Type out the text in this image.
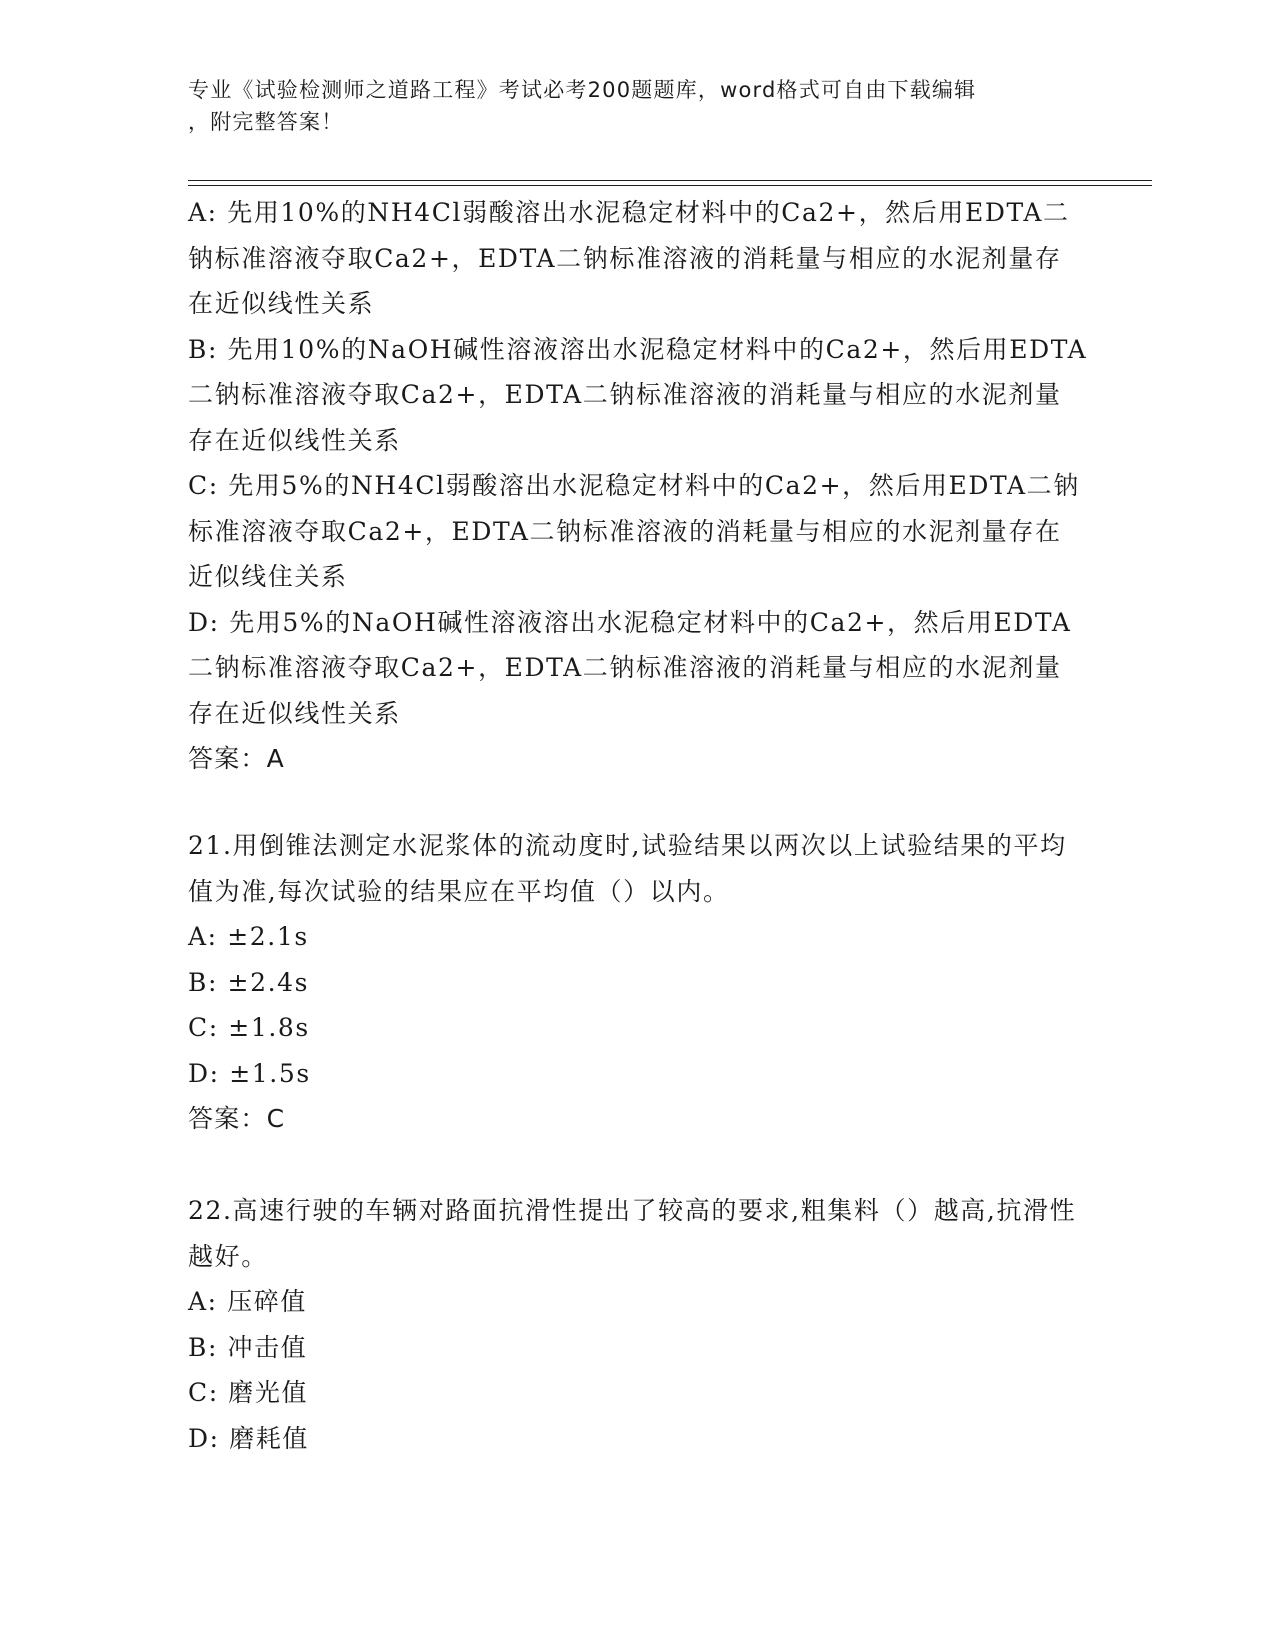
专业《试验检测师之道路工程》考试必考200题题库，word格式可自由下载编辑
，附完整答案！

A: 先用10%的NH4Cl弱酸溶出水泥稳定材料中的Ca2+，然后用EDTA二钠标准溶液夺取Ca2+，EDTA二钠标准溶液的消耗量与相应的水泥剂量存在近似线性关系

B: 先用10%的NaOH碱性溶液溶出水泥稳定材料中的Ca2+，然后用EDTA二钠标准溶液夺取Ca2+，EDTA二钠标准溶液的消耗量与相应的水泥剂量存在近似线性关系

C: 先用5%的NH4Cl弱酸溶出水泥稳定材料中的Ca2+，然后用EDTA二钠标准溶液夺取Ca2+，EDTA二钠标准溶液的消耗量与相应的水泥剂量存在近似线住关系

D: 先用5%的NaOH碱性溶液溶出水泥稳定材料中的Ca2+，然后用EDTA二钠标准溶液夺取Ca2+，EDTA二钠标准溶液的消耗量与相应的水泥剂量存在近似线性关系

答案：A

21.用倒锥法测定水泥浆体的流动度时,试验结果以两次以上试验结果的平均值为准,每次试验的结果应在平均值（）以内。

A: ±2.1s

B: ±2.4s

C: ±1.8s

D: ±1.5s

答案：C

22.高速行驶的车辆对路面抗滑性提出了较高的要求,粗集料（）越高,抗滑性越好。

A: 压碎值

B: 冲击值

C: 磨光值

D: 磨耗值
